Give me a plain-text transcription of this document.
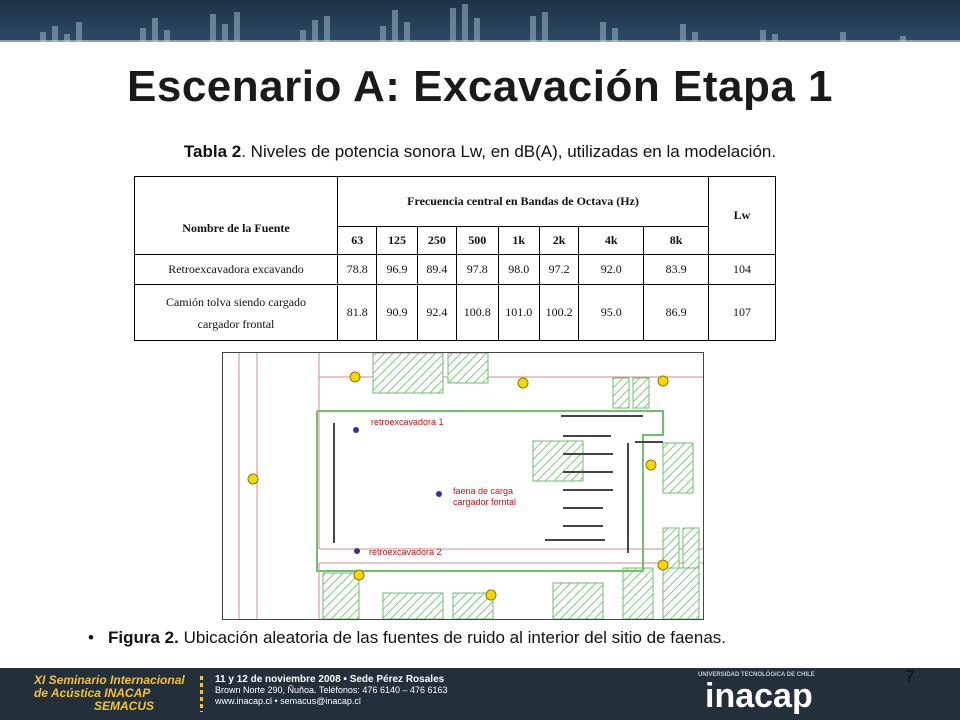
Escenario A: Excavación Etapa 1
Tabla 2. Niveles de potencia sonora Lw, en dB(A), utilizadas en la modelación.
Nombre de la Fuente	Frecuencia central en Bandas de Octava (Hz)								Lw
	63	125	250	500	1k	2k	4k	8k	
Retroexcavadora excavando	78.8	96.9	89.4	97.8	98.0	97.2	92.0	83.9	104
Camión tolva siendo cargado
cargador frontal	81.8	90.9	92.4	100.8	101.0	100.2	95.0	86.9	107
retroexcavadora 1
faena de carga
cargador forntal
retroexcavadora 2
• Figura 2. Ubicación aleatoria de las fuentes de ruido al interior del sitio de faenas.
XI Seminario Internacional
de Acústica INACAP
SEMACUS
11 y 12 de noviembre 2008 • Sede Pérez Rosales
Brown Norte 290, Ñuñoa. Teléfonos: 476 6140 – 476 6163
www.inacap.cl • semacus@inacap.cl
UNIVERSIDAD TECNOLÓGICA DE CHILE
inacap
7
